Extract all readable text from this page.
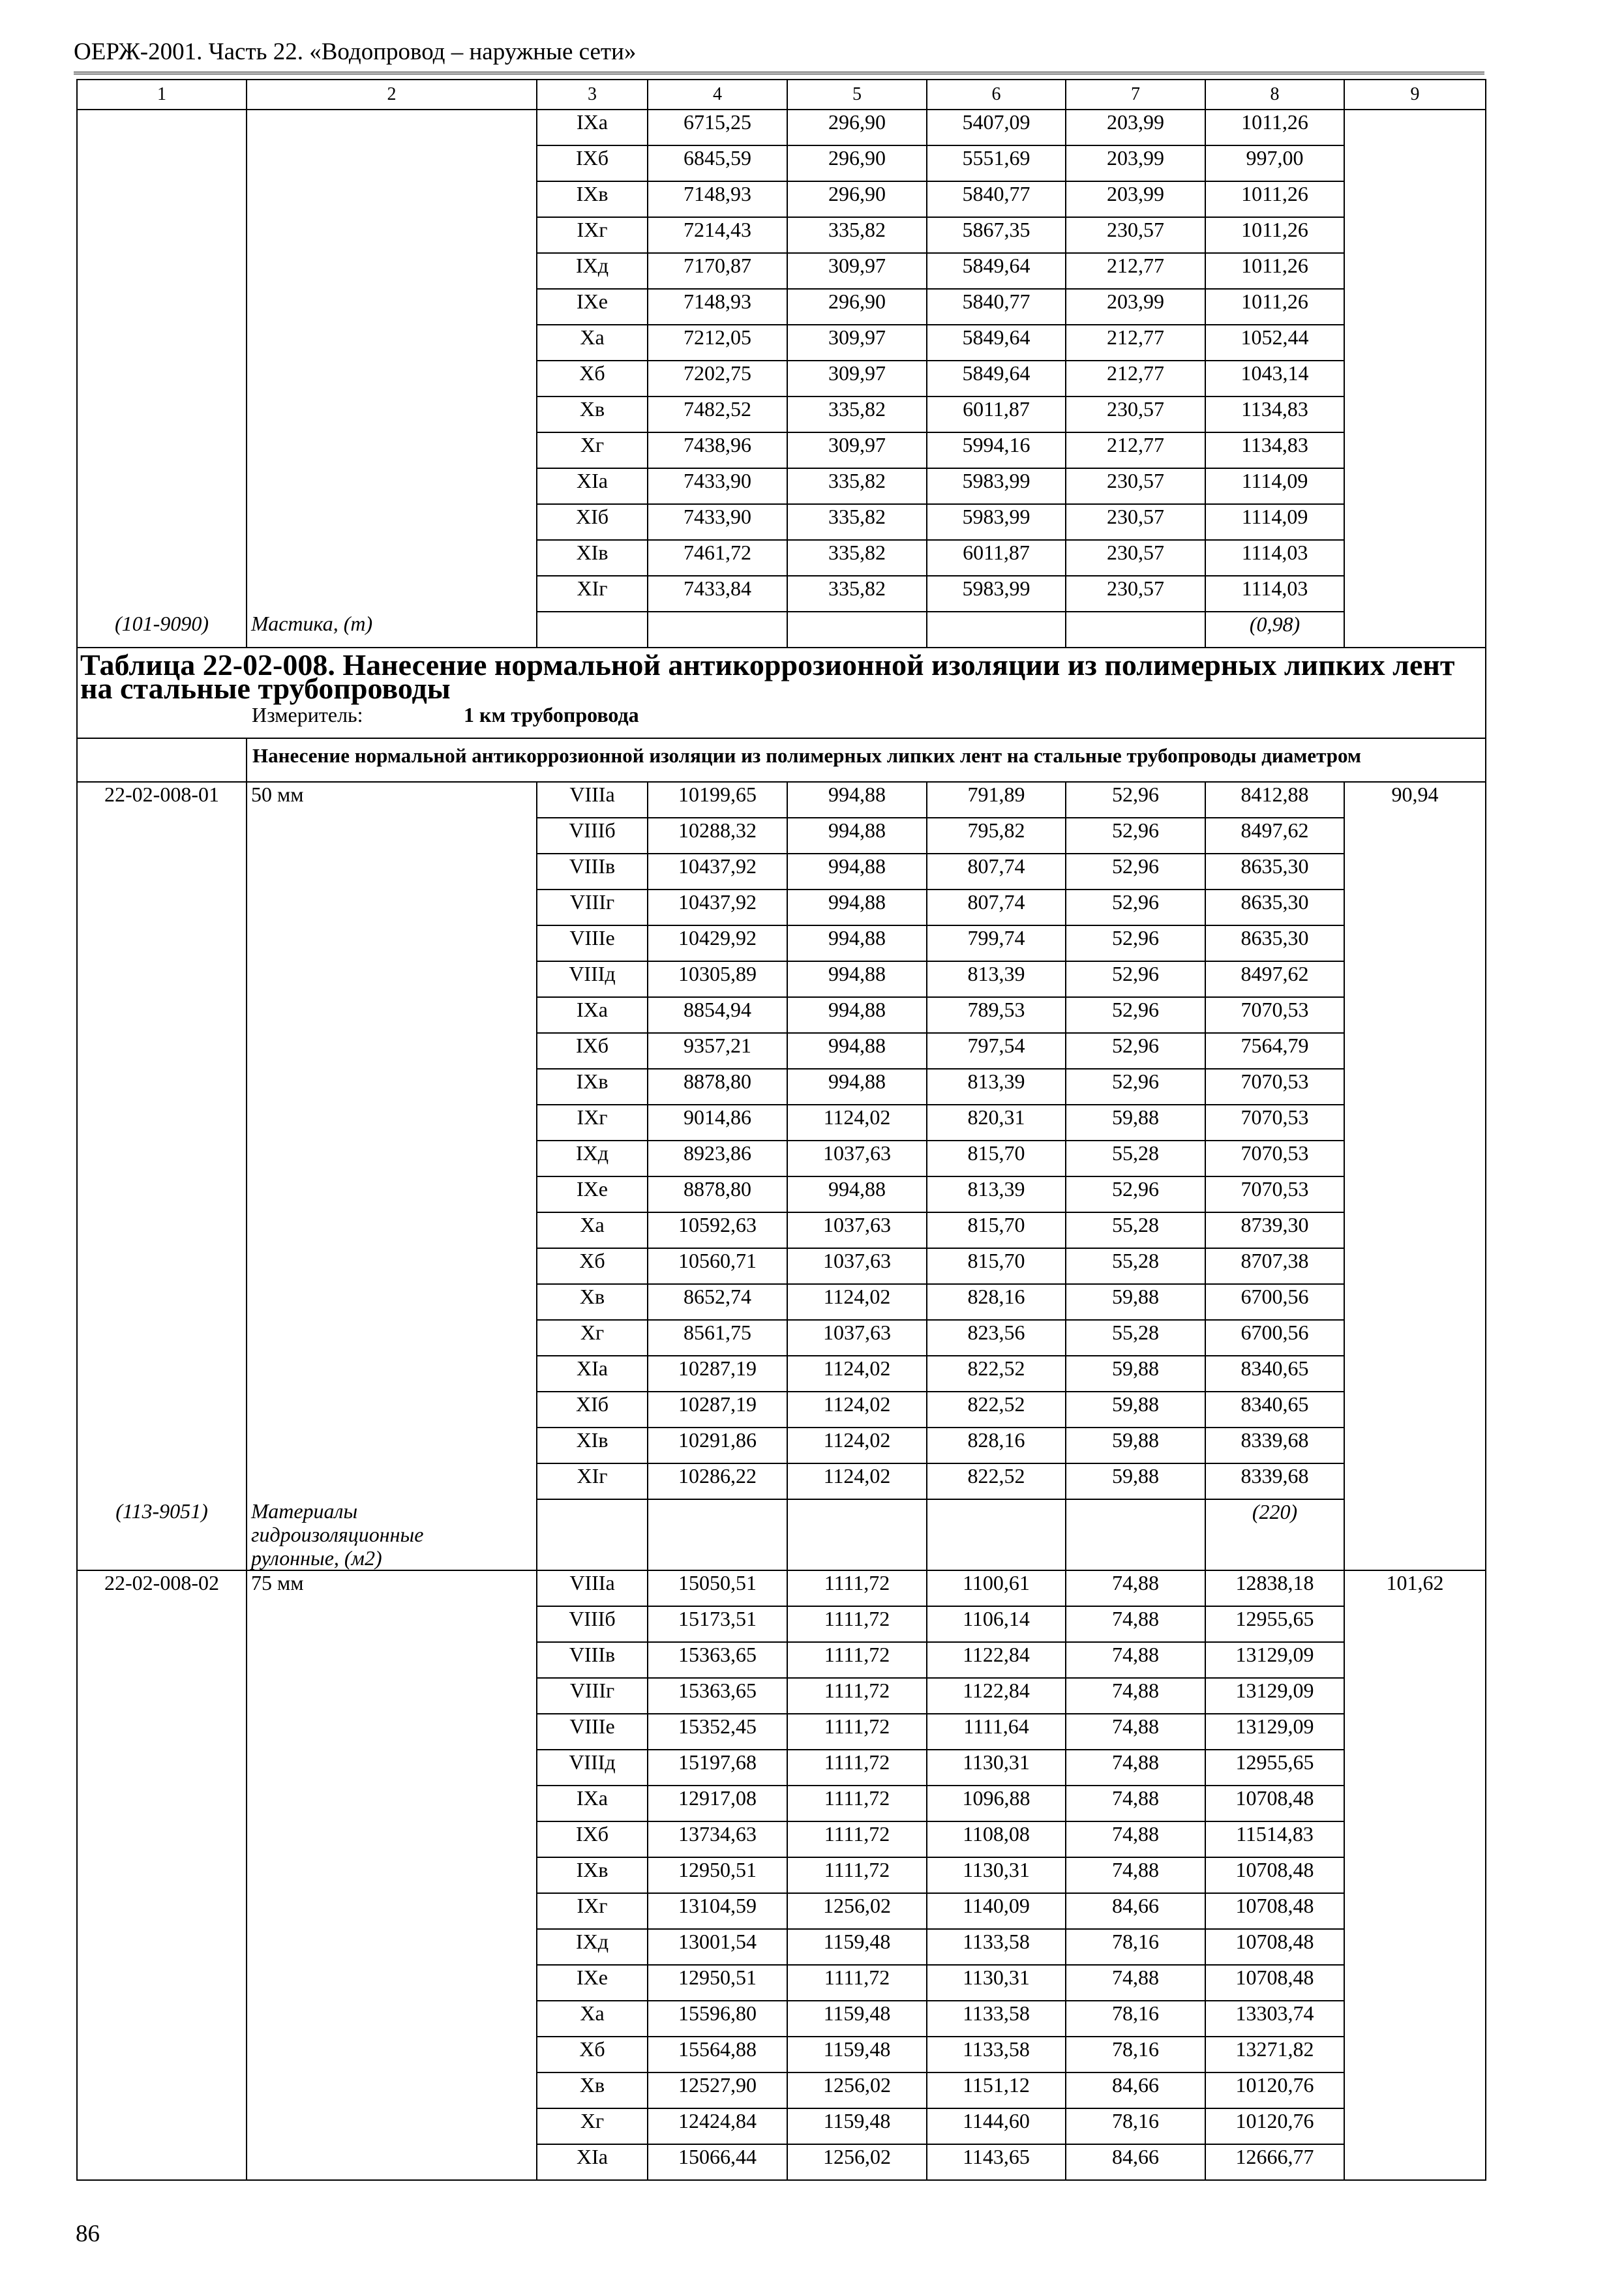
ОЕРЖ-2001. Часть 22. «Водопровод – наружные сети»
1	2	3	4	5	6	7	8	9
		IXа	6715,25	296,90	5407,09	203,99	1011,26	
		IXб	6845,59	296,90	5551,69	203,99	997,00	
		IXв	7148,93	296,90	5840,77	203,99	1011,26	
		IXг	7214,43	335,82	5867,35	230,57	1011,26	
		IXд	7170,87	309,97	5849,64	212,77	1011,26	
		IXе	7148,93	296,90	5840,77	203,99	1011,26	
		Xа	7212,05	309,97	5849,64	212,77	1052,44	
		Xб	7202,75	309,97	5849,64	212,77	1043,14	
		Xв	7482,52	335,82	6011,87	230,57	1134,83	
		Xг	7438,96	309,97	5994,16	212,77	1134,83	
		XIа	7433,90	335,82	5983,99	230,57	1114,09	
		XIб	7433,90	335,82	5983,99	230,57	1114,09	
		XIв	7461,72	335,82	6011,87	230,57	1114,03	
		XIг	7433,84	335,82	5983,99	230,57	1114,03	
(101-9090)	Мастика, (т)						(0,98)	
Таблица 22-02-008. Нанесение нормальной антикоррозионной изоляции из полимерных липких лент на стальные трубопроводы								
Измеритель: 1 км трубопровода								
	Нанесение нормальной антикоррозионной изоляции из полимерных липких лент на стальные трубопроводы диаметром							
22-02-008-01	50 мм	VIIIа	10199,65	994,88	791,89	52,96	8412,88	90,94
		VIIIб	10288,32	994,88	795,82	52,96	8497,62	
		VIIIв	10437,92	994,88	807,74	52,96	8635,30	
		VIIIг	10437,92	994,88	807,74	52,96	8635,30	
		VIIIе	10429,92	994,88	799,74	52,96	8635,30	
		VIIIд	10305,89	994,88	813,39	52,96	8497,62	
		IXа	8854,94	994,88	789,53	52,96	7070,53	
		IXб	9357,21	994,88	797,54	52,96	7564,79	
		IXв	8878,80	994,88	813,39	52,96	7070,53	
		IXг	9014,86	1124,02	820,31	59,88	7070,53	
		IXд	8923,86	1037,63	815,70	55,28	7070,53	
		IXе	8878,80	994,88	813,39	52,96	7070,53	
		Xа	10592,63	1037,63	815,70	55,28	8739,30	
		Xб	10560,71	1037,63	815,70	55,28	8707,38	
		Xв	8652,74	1124,02	828,16	59,88	6700,56	
		Xг	8561,75	1037,63	823,56	55,28	6700,56	
		XIа	10287,19	1124,02	822,52	59,88	8340,65	
		XIб	10287,19	1124,02	822,52	59,88	8340,65	
		XIв	10291,86	1124,02	828,16	59,88	8339,68	
		XIг	10286,22	1124,02	822,52	59,88	8339,68	
(113-9051)	Материалы
гидроизоляционные
рулонные, (м2)						(220)	
22-02-008-02	75 мм	VIIIа	15050,51	1111,72	1100,61	74,88	12838,18	101,62
		VIIIб	15173,51	1111,72	1106,14	74,88	12955,65	
		VIIIв	15363,65	1111,72	1122,84	74,88	13129,09	
		VIIIг	15363,65	1111,72	1122,84	74,88	13129,09	
		VIIIе	15352,45	1111,72	1111,64	74,88	13129,09	
		VIIIд	15197,68	1111,72	1130,31	74,88	12955,65	
		IXа	12917,08	1111,72	1096,88	74,88	10708,48	
		IXб	13734,63	1111,72	1108,08	74,88	11514,83	
		IXв	12950,51	1111,72	1130,31	74,88	10708,48	
		IXг	13104,59	1256,02	1140,09	84,66	10708,48	
		IXд	13001,54	1159,48	1133,58	78,16	10708,48	
		IXе	12950,51	1111,72	1130,31	74,88	10708,48	
		Xа	15596,80	1159,48	1133,58	78,16	13303,74	
		Xб	15564,88	1159,48	1133,58	78,16	13271,82	
		Xв	12527,90	1256,02	1151,12	84,66	10120,76	
		Xг	12424,84	1159,48	1144,60	78,16	10120,76	
		XIа	15066,44	1256,02	1143,65	84,66	12666,77	
86
